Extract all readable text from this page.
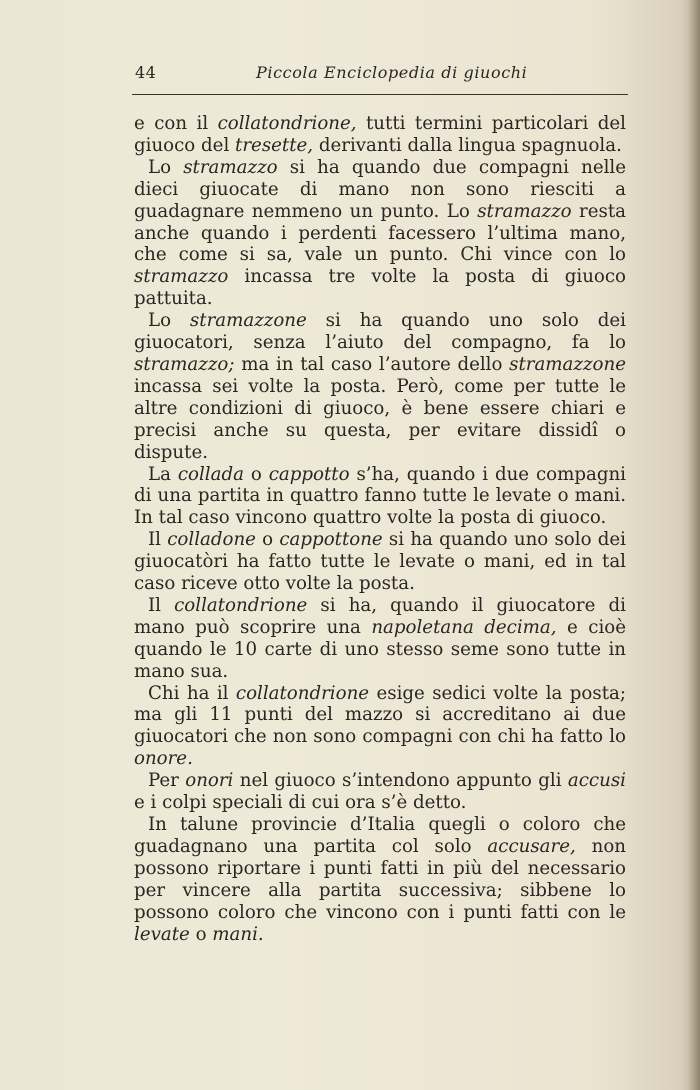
44	Piccola Enciclopedia di giuochi

e con il collatondrione, tutti termini particolari del giuoco del tresette, derivanti dalla lingua spagnuola.

Lo stramazzo si ha quando due compagni nelle dieci giuocate di mano non sono riesciti a guadagnare nemmeno un punto. Lo stramazzo resta anche quando i perdenti facessero l’ultima mano, che come si sa, vale un punto. Chi vince con lo stramazzo incassa tre volte la posta di giuoco pattuita.

Lo stramazzone si ha quando uno solo dei giuocatori, senza l’aiuto del compagno, fa lo stramazzo; ma in tal caso l’autore dello stramazzone incassa sei volte la posta. Però, come per tutte le altre condizioni di giuoco, è bene essere chiari e precisi anche su questa, per evitare dissidî o dispute.

La collada o cappotto s’ha, quando i due compagni di una partita in quattro fanno tutte le levate o mani. In tal caso vincono quattro volte la posta di giuoco.

Il colladone o cappottone si ha quando uno solo dei giuocatòri ha fatto tutte le levate o mani, ed in tal caso riceve otto volte la posta.

Il collatondrione si ha, quando il giuocatore di mano può scoprire una napoletana decima, e cioè quando le 10 carte di uno stesso seme sono tutte in mano sua.

Chi ha il collatondrione esige sedici volte la posta; ma gli 11 punti del mazzo si accreditano ai due giuocatori che non sono compagni con chi ha fatto lo onore.

Per onori nel giuoco s’intendono appunto gli accusi e i colpi speciali di cui ora s’è detto.

In talune provincie d’Italia quegli o coloro che guadagnano una partita col solo accusare, non possono riportare i punti fatti in più del necessario per vincere alla partita successiva; sibbene lo possono coloro che vincono con i punti fatti con le levate o mani.
